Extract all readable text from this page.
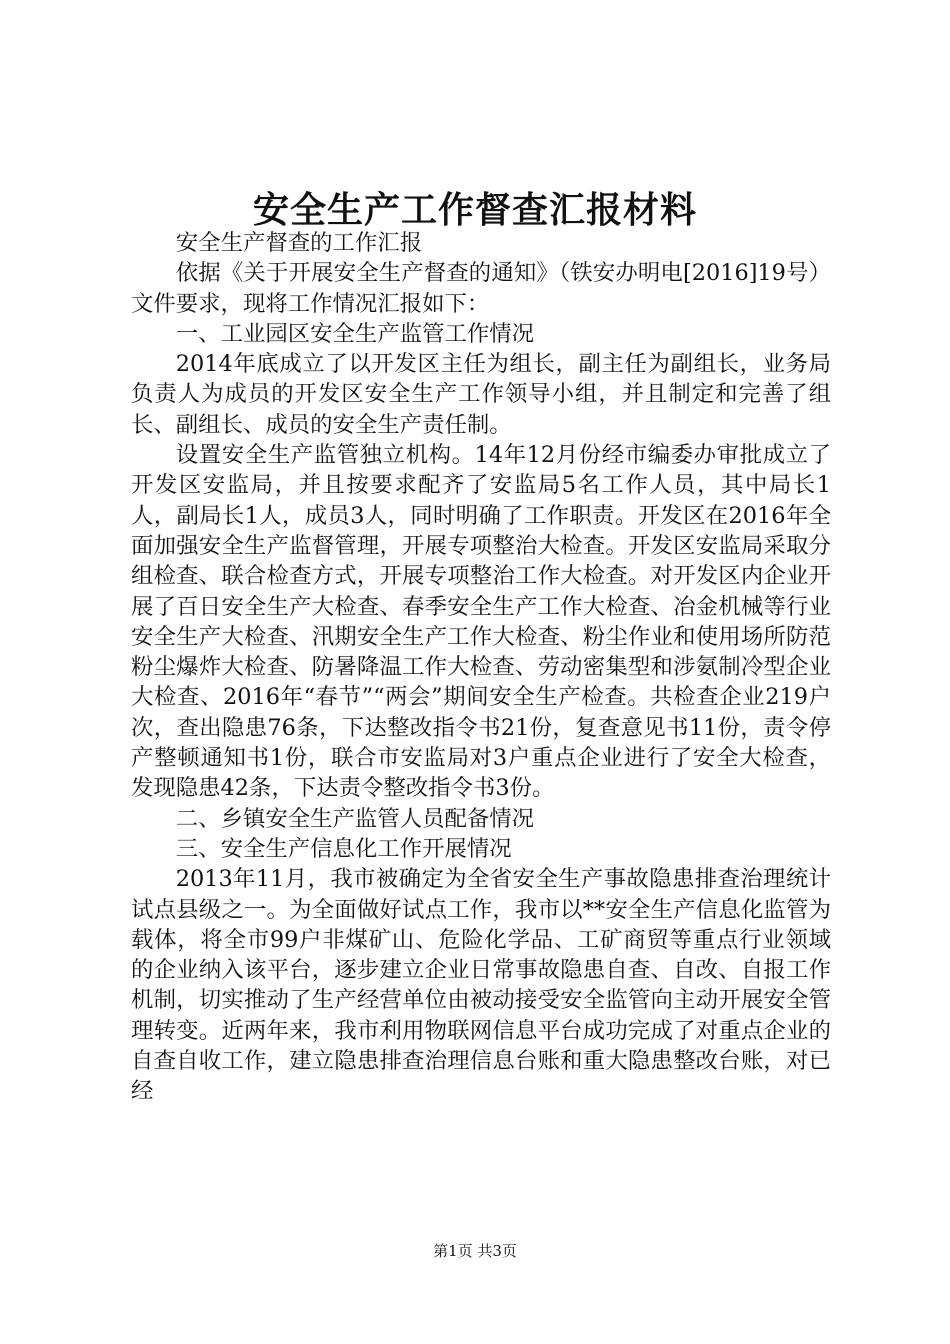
安全生产工作督查汇报材料

安全生产督查的工作汇报

依据《关于开展安全生产督查的通知》（铁安办明电[2016]19号）文件要求，现将工作情况汇报如下：

一、工业园区安全生产监管工作情况

2014年底成立了以开发区主任为组长，副主任为副组长，业务局负责人为成员的开发区安全生产工作领导小组，并且制定和完善了组长、副组长、成员的安全生产责任制。

设置安全生产监管独立机构。14年12月份经市编委办审批成立了开发区安监局，并且按要求配齐了安监局5名工作人员，其中局长1人，副局长1人，成员3人，同时明确了工作职责。开发区在2016年全面加强安全生产监督管理，开展专项整治大检查。开发区安监局采取分组检查、联合检查方式，开展专项整治工作大检查。对开发区内企业开展了百日安全生产大检查、春季安全生产工作大检查、冶金机械等行业安全生产大检查、汛期安全生产工作大检查、粉尘作业和使用场所防范粉尘爆炸大检查、防暑降温工作大检查、劳动密集型和涉氨制冷型企业大检查、2016年“春节”“两会”期间安全生产检查。共检查企业219户次，查出隐患76条，下达整改指令书21份，复查意见书11份，责令停产整顿通知书1份，联合市安监局对3户重点企业进行了安全大检查，发现隐患42条，下达责令整改指令书3份。

二、乡镇安全生产监管人员配备情况

三、安全生产信息化工作开展情况

2013年11月，我市被确定为全省安全生产事故隐患排查治理统计试点县级之一。为全面做好试点工作，我市以**安全生产信息化监管为载体，将全市99户非煤矿山、危险化学品、工矿商贸等重点行业领域的企业纳入该平台，逐步建立企业日常事故隐患自查、自改、自报工作机制，切实推动了生产经营单位由被动接受安全监管向主动开展安全管理转变。近两年来，我市利用物联网信息平台成功完成了对重点企业的自查自收工作，建立隐患排查治理信息台账和重大隐患整改台账，对已经

第1页 共3页
